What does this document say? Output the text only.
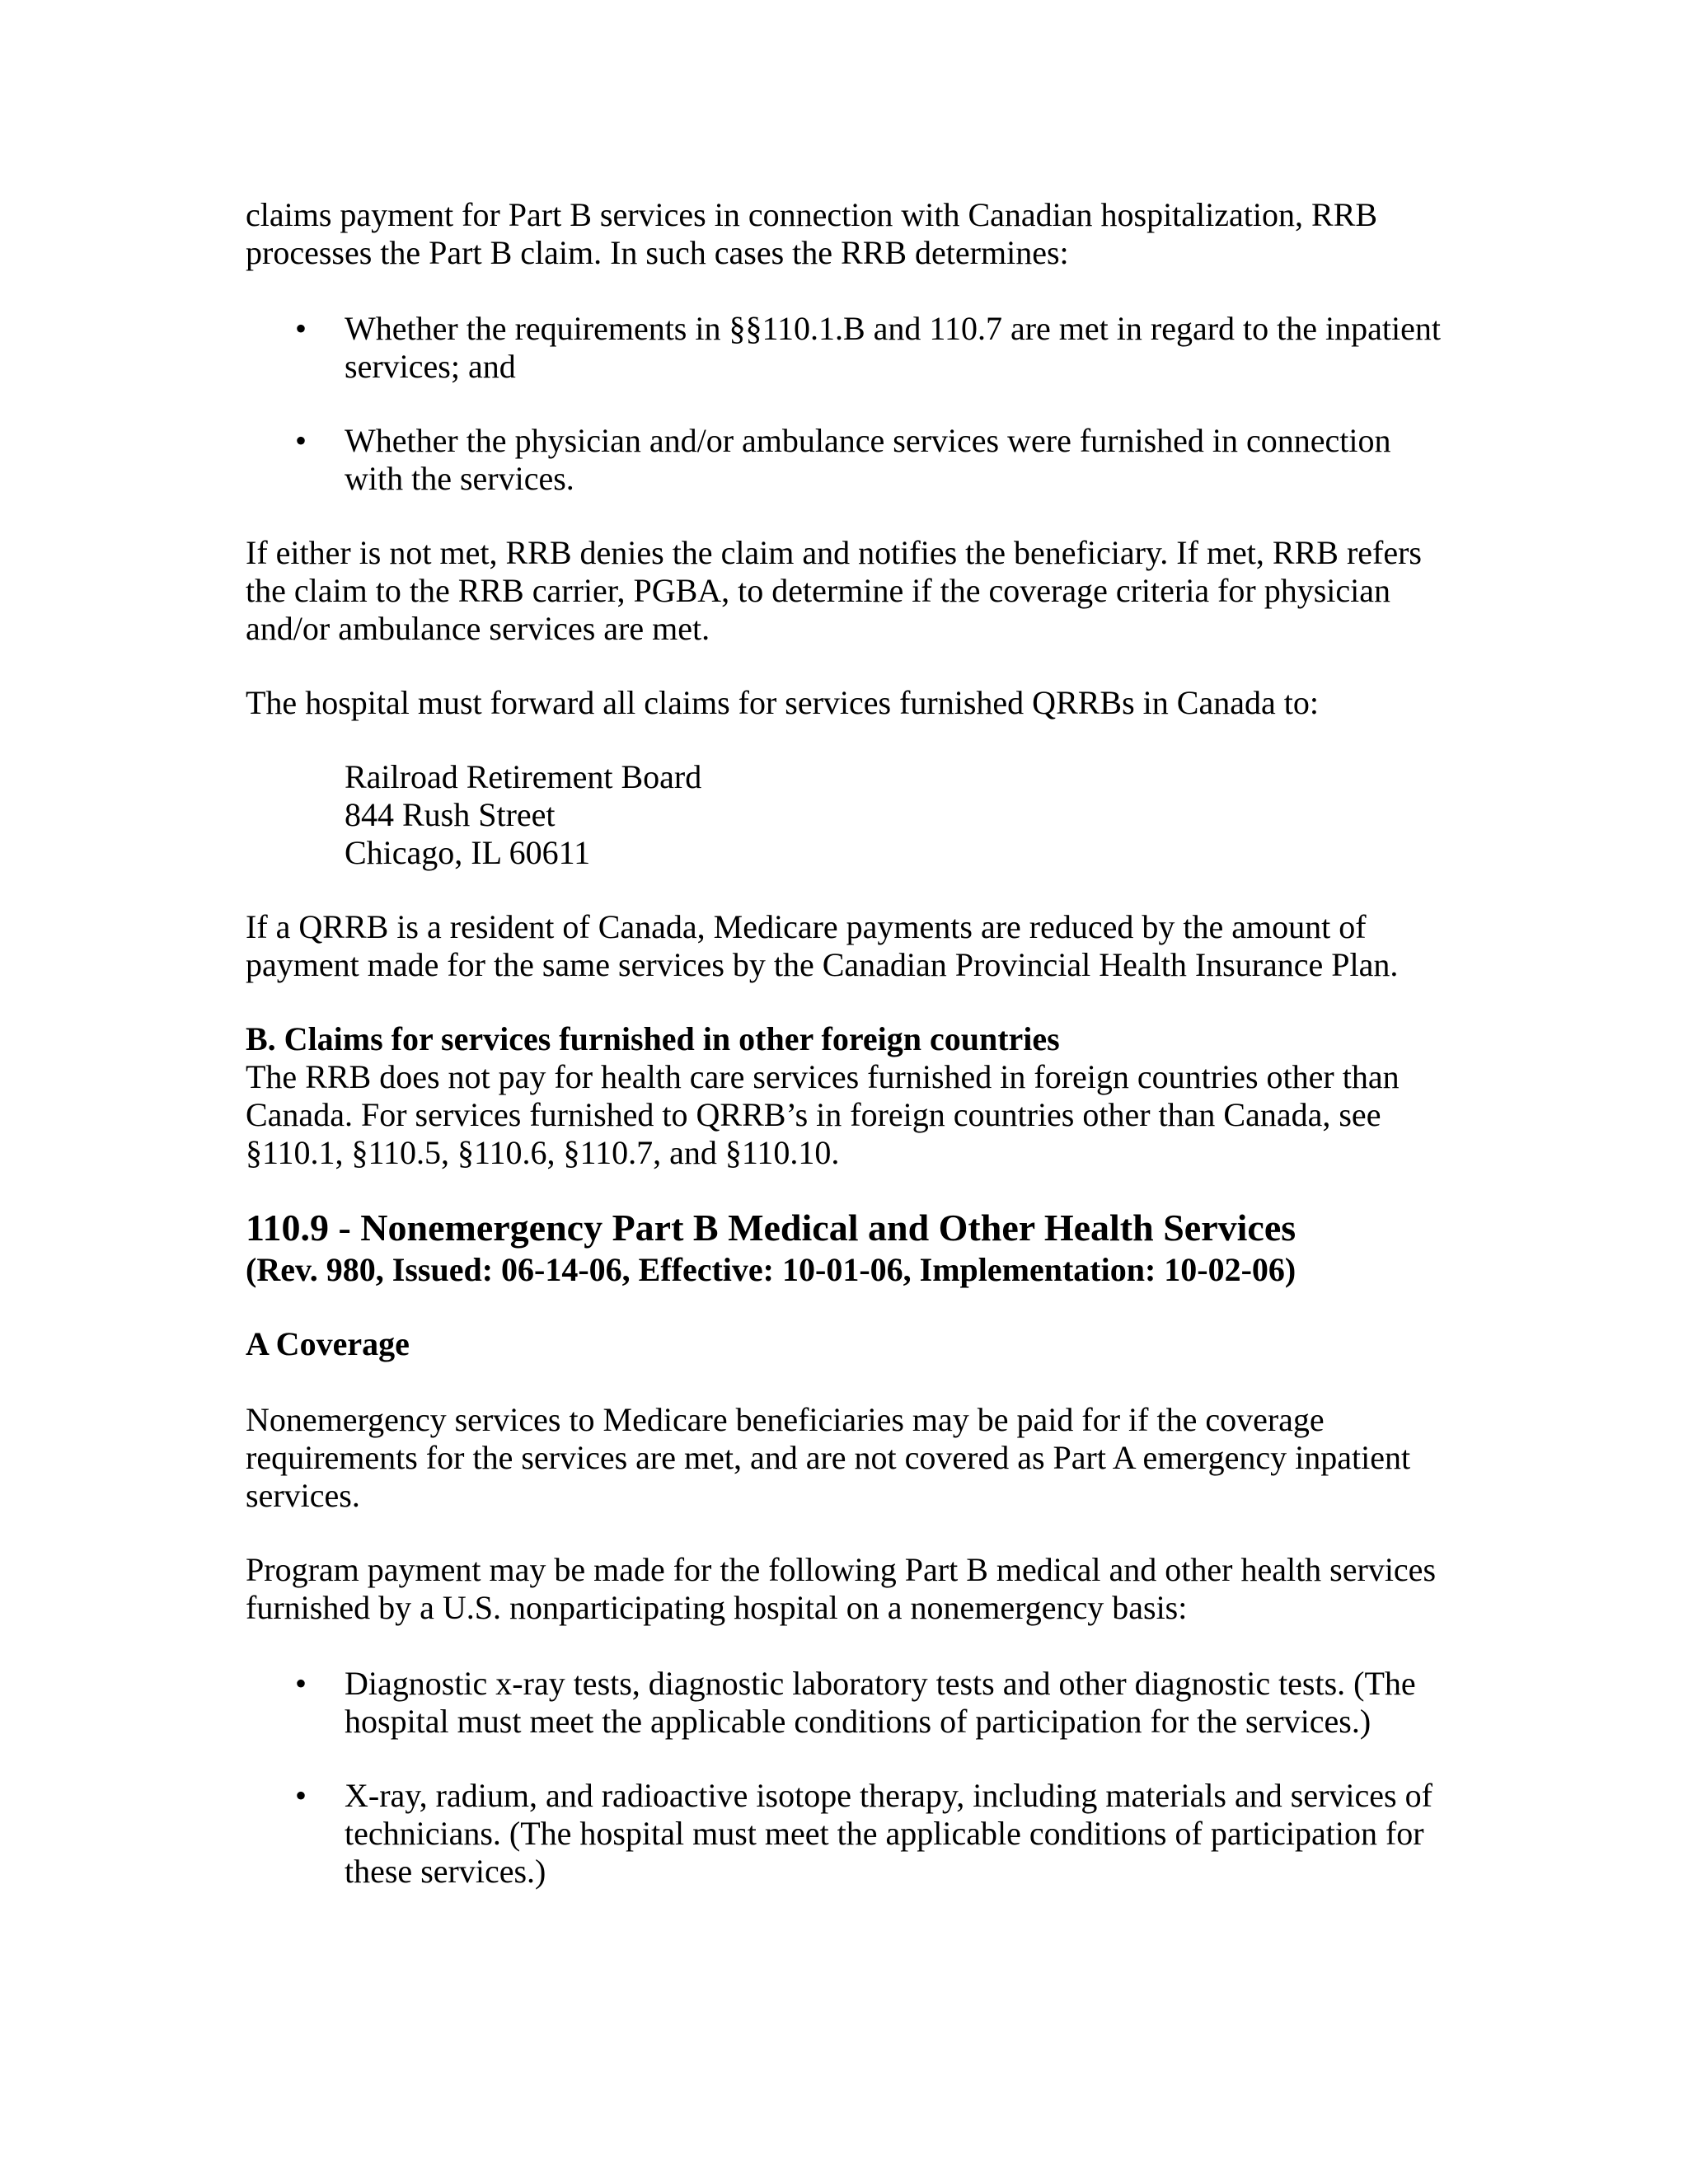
claims payment for Part B services in connection with Canadian hospitalization, RRB
processes the Part B claim. In such cases the RRB determines:
•	Whether the requirements in §§110.1.B and 110.7 are met in regard to the inpatient
services; and
•	Whether the physician and/or ambulance services were furnished in connection
with the services.
If either is not met, RRB denies the claim and notifies the beneficiary. If met, RRB refers
the claim to the RRB carrier, PGBA, to determine if the coverage criteria for physician
and/or ambulance services are met.
The hospital must forward all claims for services furnished QRRBs in Canada to:
Railroad Retirement Board
844 Rush Street
Chicago, IL 60611
If a QRRB is a resident of Canada, Medicare payments are reduced by the amount of
payment made for the same services by the Canadian Provincial Health Insurance Plan.
B. Claims for services furnished in other foreign countries
The RRB does not pay for health care services furnished in foreign countries other than
Canada. For services furnished to QRRB’s in foreign countries other than Canada, see
§110.1, §110.5, §110.6, §110.7, and §110.10.
110.9 - Nonemergency Part B Medical and Other Health Services
(Rev. 980, Issued: 06-14-06, Effective: 10-01-06, Implementation: 10-02-06)
A Coverage
Nonemergency services to Medicare beneficiaries may be paid for if the coverage
requirements for the services are met, and are not covered as Part A emergency inpatient
services.
Program payment may be made for the following Part B medical and other health services
furnished by a U.S. nonparticipating hospital on a nonemergency basis:
•	Diagnostic x-ray tests, diagnostic laboratory tests and other diagnostic tests. (The
hospital must meet the applicable conditions of participation for the services.)
•	X-ray, radium, and radioactive isotope therapy, including materials and services of
technicians. (The hospital must meet the applicable conditions of participation for
these services.)
